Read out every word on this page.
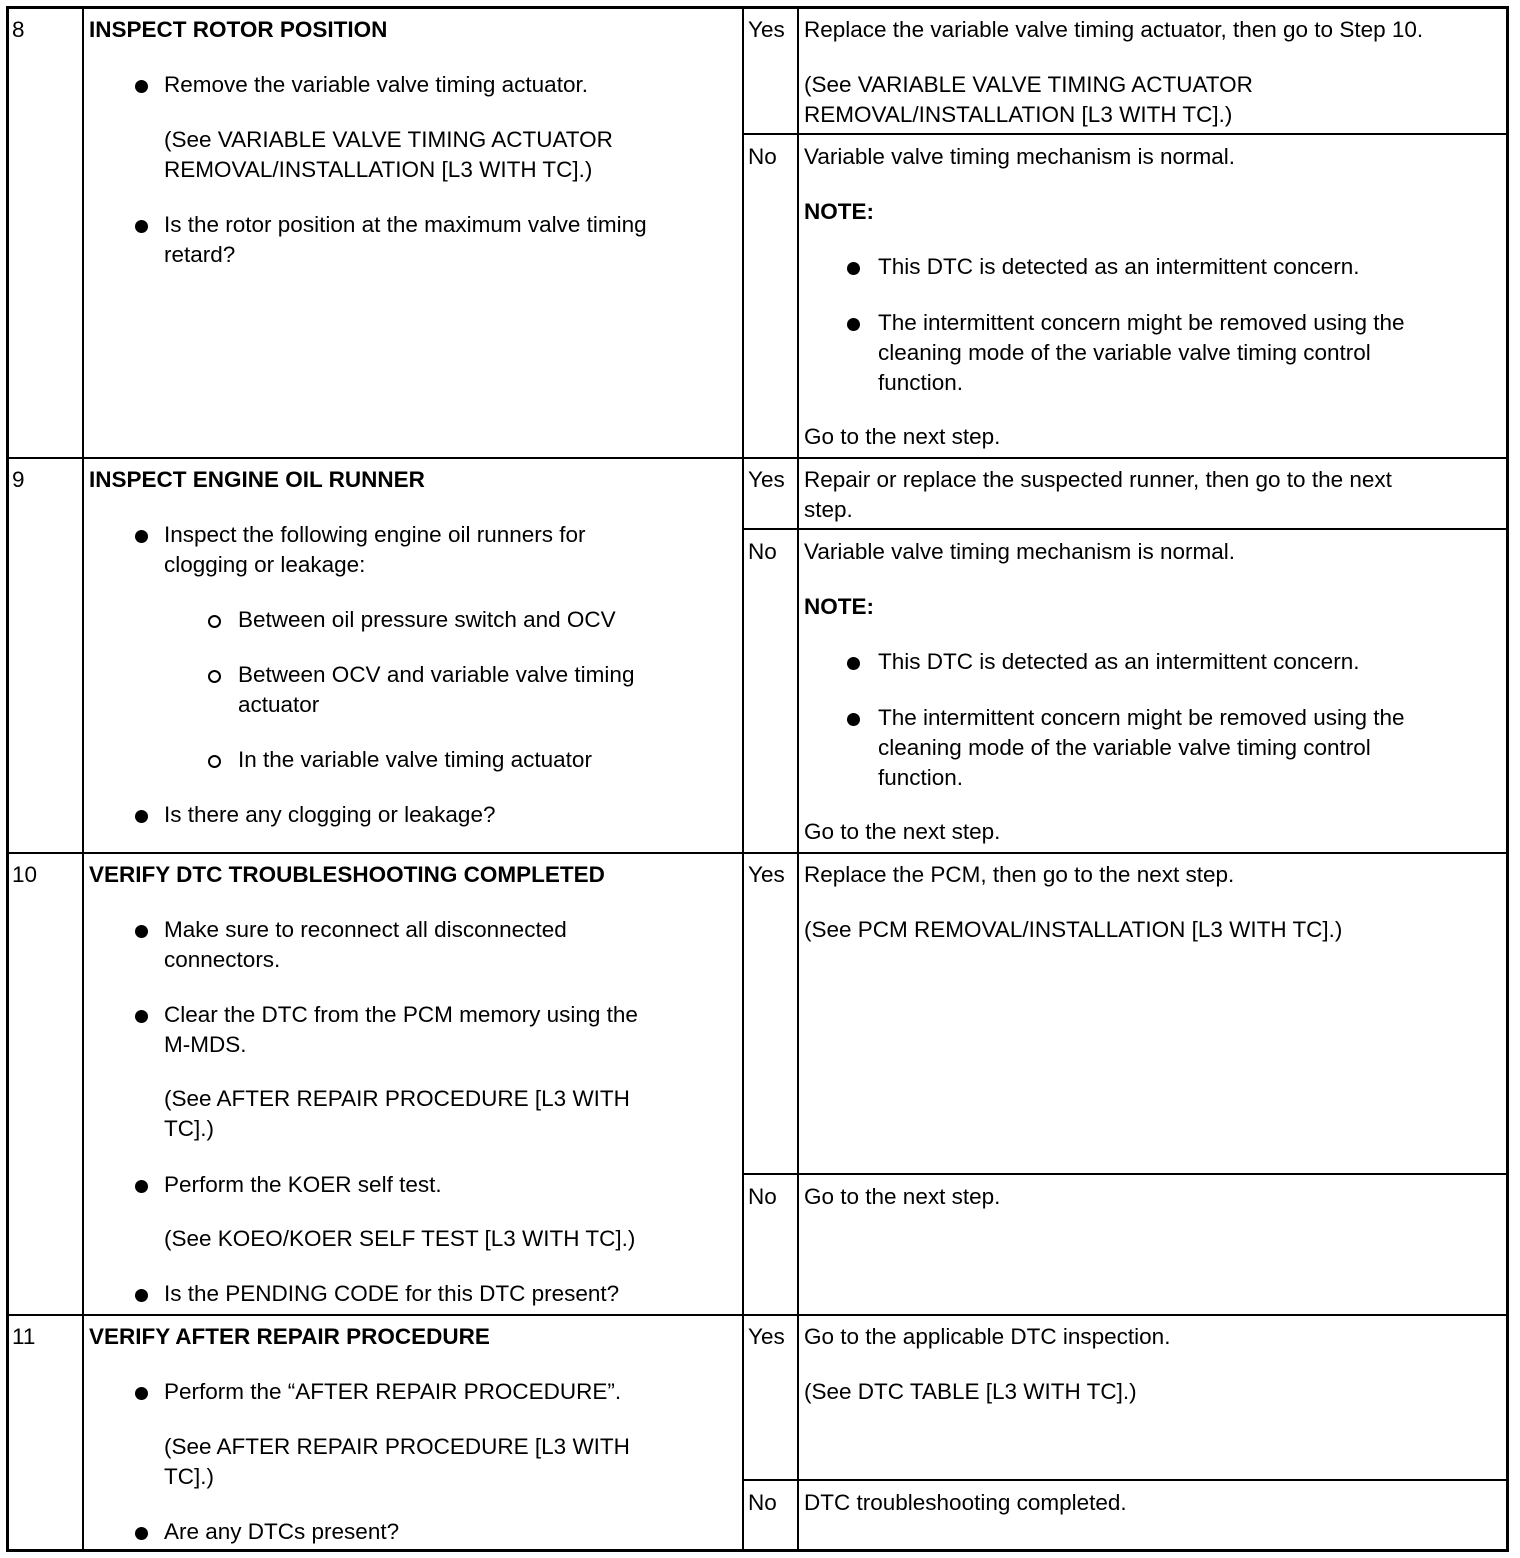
8	INSPECT ROTOR POSITION
Remove the variable valve timing actuator.
(See VARIABLE VALVE TIMING ACTUATOR
REMOVAL/INSTALLATION [L3 WITH TC].)
Is the rotor position at the maximum valve timing
retard?
Yes Replace the variable valve timing actuator, then go to Step 10.
(See VARIABLE VALVE TIMING ACTUATOR
REMOVAL/INSTALLATION [L3 WITH TC].)
No Variable valve timing mechanism is normal.
NOTE:
This DTC is detected as an intermittent concern.
The intermittent concern might be removed using the
cleaning mode of the variable valve timing control
function.
Go to the next step.
9	INSPECT ENGINE OIL RUNNER
Inspect the following engine oil runners for
clogging or leakage:
Between oil pressure switch and OCV
Between OCV and variable valve timing
actuator
In the variable valve timing actuator
Is there any clogging or leakage?
Yes Repair or replace the suspected runner, then go to the next
step.
No Variable valve timing mechanism is normal.
NOTE:
This DTC is detected as an intermittent concern.
The intermittent concern might be removed using the
cleaning mode of the variable valve timing control
function.
Go to the next step.
10 VERIFY DTC TROUBLESHOOTING COMPLETED
Make sure to reconnect all disconnected
connectors.
Clear the DTC from the PCM memory using the
M-MDS.
(See AFTER REPAIR PROCEDURE [L3 WITH
TC].)
Perform the KOER self test.
(See KOEO/KOER SELF TEST [L3 WITH TC].)
Is the PENDING CODE for this DTC present?
Yes Replace the PCM, then go to the next step.
(See PCM REMOVAL/INSTALLATION [L3 WITH TC].)
No Go to the next step.
11 VERIFY AFTER REPAIR PROCEDURE
Perform the “AFTER REPAIR PROCEDURE”.
(See AFTER REPAIR PROCEDURE [L3 WITH
TC].)
Are any DTCs present?
Yes Go to the applicable DTC inspection.
(See DTC TABLE [L3 WITH TC].)
No DTC troubleshooting completed.
